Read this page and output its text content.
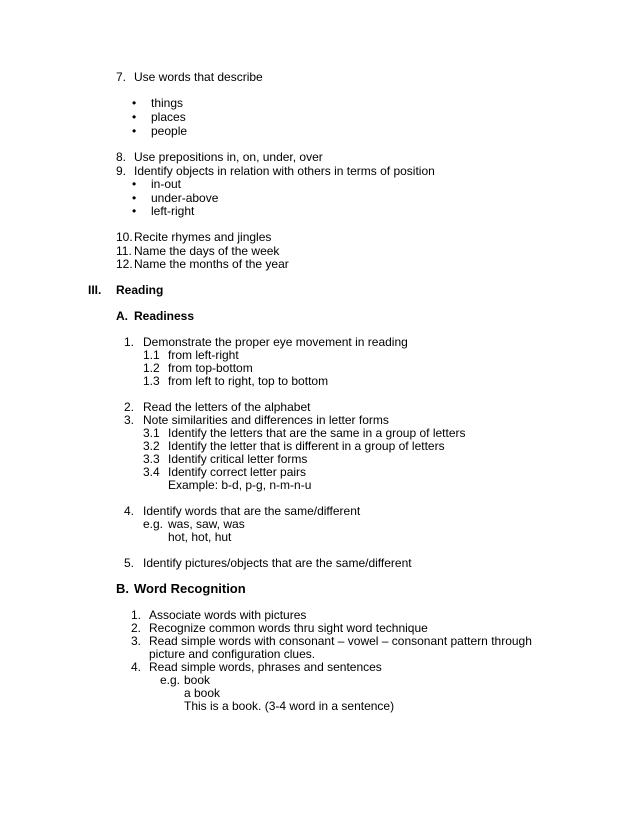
7. Use words that describe
• things
• places
• people
8. Use prepositions in, on, under, over
9. Identify objects in relation with others in terms of position
• in-out
• under-above
• left-right
10. Recite rhymes and jingles
11. Name the days of the week
12. Name the months of the year
III. Reading
A. Readiness
1. Demonstrate the proper eye movement in reading
1.1 from left-right
1.2 from top-bottom
1.3 from left to right, top to bottom
2. Read the letters of the alphabet
3. Note similarities and differences in letter forms
3.1 Identify the letters that are the same in a group of letters
3.2 Identify the letter that is different in a group of letters
3.3 Identify critical letter forms
3.4 Identify correct letter pairs
Example: b-d, p-g, n-m-n-u
4. Identify words that are the same/different
e.g. was, saw, was
hot, hot, hut
5. Identify pictures/objects that are the same/different
B. Word Recognition
1. Associate words with pictures
2. Recognize common words thru sight word technique
3. Read simple words with consonant – vowel – consonant pattern through
picture and configuration clues.
4. Read simple words, phrases and sentences
e.g. book
a book
This is a book. (3-4 word in a sentence)
